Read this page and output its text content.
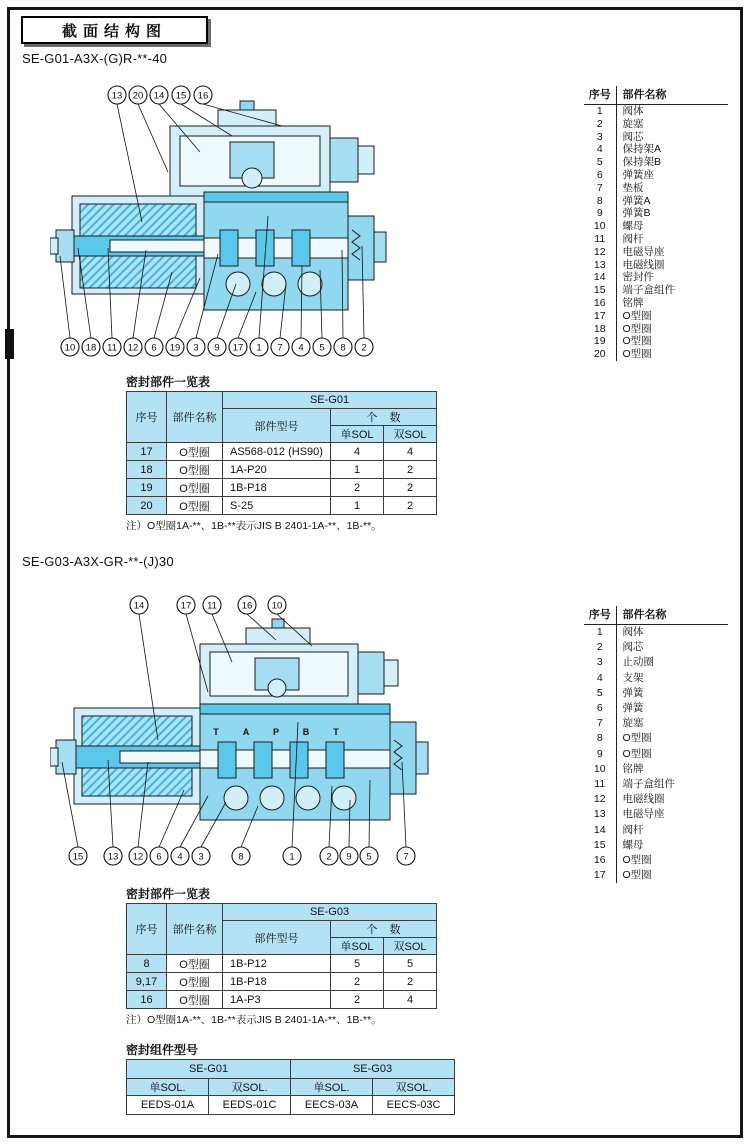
截面结构图
SE-G01-A3X-(G)R-**-40
13 20 14 15 16
10 18 11 12 6 19 3 9 17 1 7 4 5 8 2
序号	部件名称
1	阀体
2	旋塞
3	阀芯
4	保持架A
5	保持架B
6	弹簧座
7	垫板
8	弹簧A
9	弹簧B
10	螺母
11	阀杆
12	电磁导座
13	电磁线圈
14	密封件
15	端子盒组件
16	铭牌
17	O型圈
18	O型圈
19	O型圈
20	O型圈
密封部件一览表
序号	部件名称	SE-G01		
		部件型号	个    数	
			单SOL	双SOL
17	O型圈	AS568-012 (HS90)	4	4
18	O型圈	1A-P20	1	2
19	O型圈	1B-P18	2	2
20	O型圈	S-25	1	2
注）O型圈1A-**、1B-**表示JIS B 2401-1A-**、1B-**。
SE-G03-A3X-GR-**-(J)30
T	A	P	B	T
14	17 11	16 10
15	13 12 6 4 3	8	1	2 9 5	7
序号	部件名称
1	阀体
2	阀芯
3	止动圈
4	支架
5	弹簧
6	弹簧
7	旋塞
8	O型圈
9	O型圈
10	铭牌
11	端子盒组件
12	电磁线圈
13	电磁导座
14	阀杆
15	螺母
16	O型圈
17	O型圈
密封部件一览表
序号	部件名称	SE-G03		
		部件型号	个    数	
			单SOL	双SOL
8	O型圈	1B-P12	5	5
9,17	O型圈	1B-P18	2	2
16	O型圈	1A-P3	2	4
注）O型圈1A-**、1B-**表示JIS B 2401-1A-**、1B-**。
密封组件型号
SE-G01		SE-G03	
单SOL.	双SOL.	单SOL.	双SOL.
EEDS-01A	EEDS-01C	EECS-03A	EECS-03C
